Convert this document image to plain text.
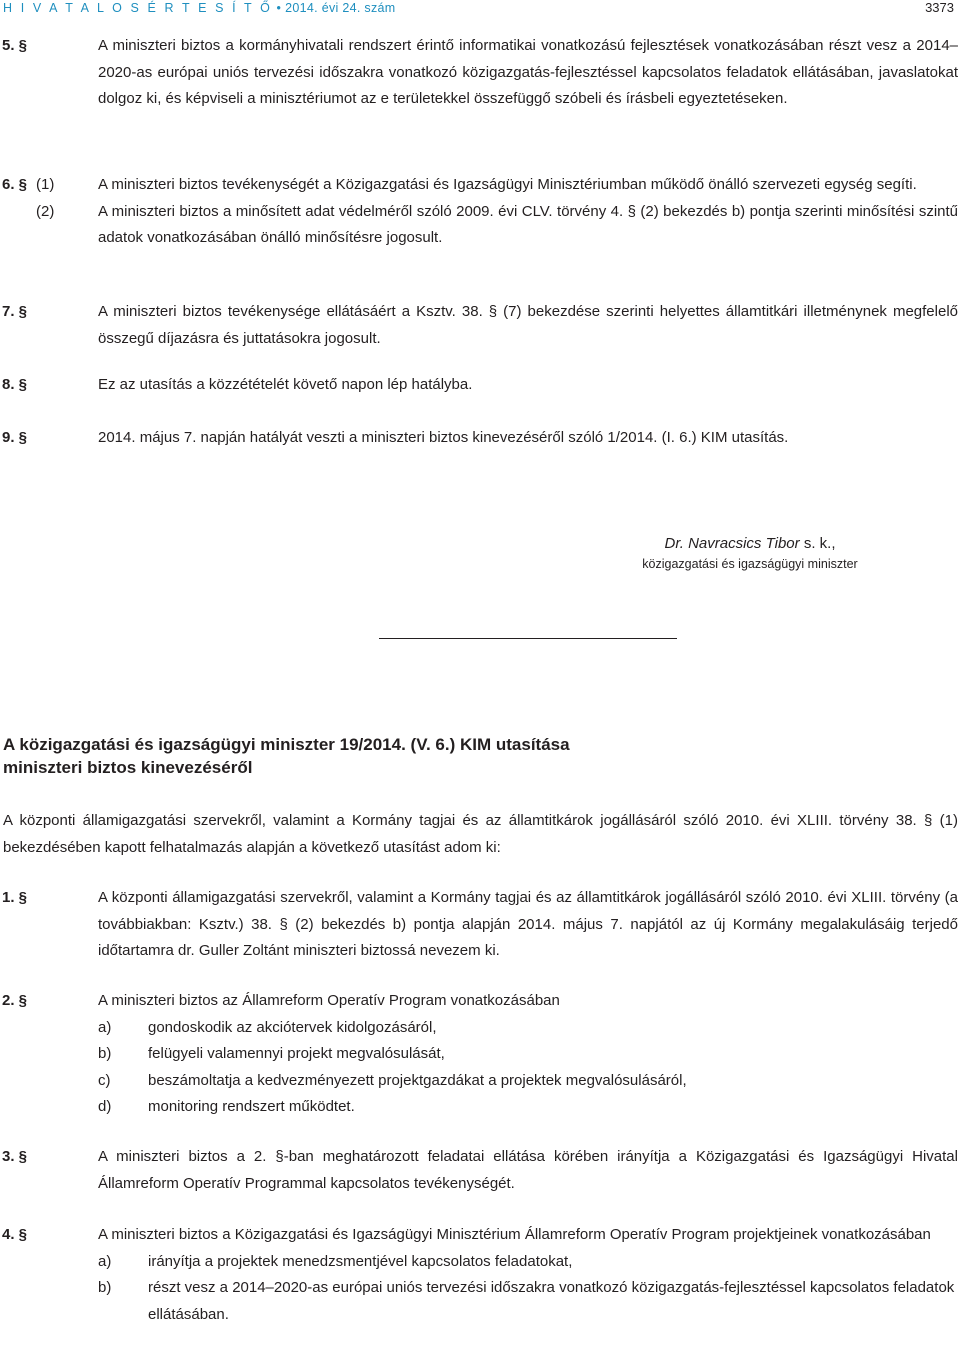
H I V A T A L O S É R T E S Í T Ő • 2014. évi 24. szám	3373
5. §	A miniszteri biztos a kormányhivatali rendszert érintő informatikai vonatkozású fejlesztések vonatkozásában részt vesz a 2014–2020-as európai uniós tervezési időszakra vonatkozó közigazgatás-fejlesztéssel kapcsolatos feladatok ellátásában, javaslatokat dolgoz ki, és képviseli a minisztériumot az e területekkel összefüggő szóbeli és írásbeli egyeztetéseken.
6. § (1)	A miniszteri biztos tevékenységét a Közigazgatási és Igazságügyi Minisztériumban működő önálló szervezeti egység segíti.
(2)	A miniszteri biztos a minősített adat védelméről szóló 2009. évi CLV. törvény 4. § (2) bekezdés b) pontja szerinti minősítési szintű adatok vonatkozásában önálló minősítésre jogosult.
7. §	A miniszteri biztos tevékenysége ellátásáért a Ksztv. 38. § (7) bekezdése szerinti helyettes államtitkári illetménynek megfelelő összegű díjazásra és juttatásokra jogosult.
8. §	Ez az utasítás a közzétételét követő napon lép hatályba.
9. §	2014. május 7. napján hatályát veszti a miniszteri biztos kinevezéséről szóló 1/2014. (I. 6.) KIM utasítás.
Dr. Navracsics Tibor s. k.,
közigazgatási és igazságügyi miniszter
A közigazgatási és igazságügyi miniszter 19/2014. (V. 6.) KIM utasítása
miniszteri biztos kinevezéséről
A központi államigazgatási szervekről, valamint a Kormány tagjai és az államtitkárok jogállásáról szóló 2010. évi XLIII. törvény 38. § (1) bekezdésében kapott felhatalmazás alapján a következő utasítást adom ki:
1. §	A központi államigazgatási szervekről, valamint a Kormány tagjai és az államtitkárok jogállásáról szóló 2010. évi XLIII. törvény (a továbbiakban: Ksztv.) 38. § (2) bekezdés b) pontja alapján 2014. május 7. napjától az új Kormány megalakulásáig terjedő időtartamra dr. Guller Zoltánt miniszteri biztossá nevezem ki.
2. §	A miniszteri biztos az Államreform Operatív Program vonatkozásában
a) gondoskodik az akciótervek kidolgozásáról,
b) felügyeli valamennyi projekt megvalósulását,
c)	beszámoltatja a kedvezményezett projektgazdákat a projektek megvalósulásáról,
d) monitoring rendszert működtet.
3. §	A miniszteri biztos a 2. §-ban meghatározott feladatai ellátása körében irányítja a Közigazgatási és Igazságügyi Hivatal Államreform Operatív Programmal kapcsolatos tevékenységét.
4. §	A miniszteri biztos a Közigazgatási és Igazságügyi Minisztérium Államreform Operatív Program projektjeinek vonatkozásában
a) irányítja a projektek menedzsmentjével kapcsolatos feladatokat,
b) részt vesz a 2014–2020-as európai uniós tervezési időszakra vonatkozó közigazgatás-fejlesztéssel kapcsolatos feladatok ellátásában.
